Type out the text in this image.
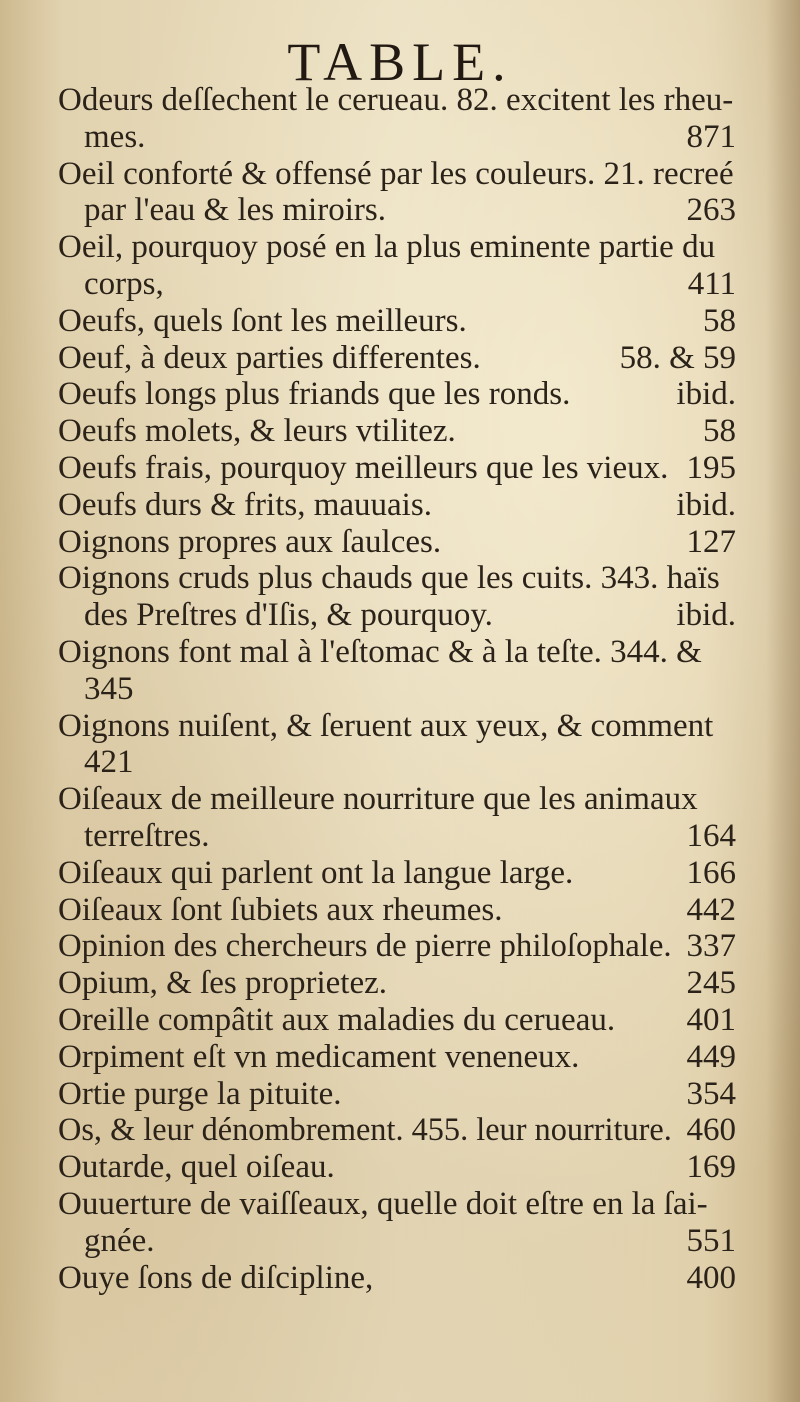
TABLE.
Odeurs deſſechent le cerueau. 82. excitent les rheu-
mes.	871
Oeil conforté & offensé par les couleurs. 21. recreé
par l'eau & les miroirs.	263
Oeil, pourquoy posé en la plus eminente partie du
corps,	411
Oeufs, quels ſont les meilleurs.	58
Oeuf, à deux parties differentes.	58. & 59
Oeufs longs plus friands que les ronds.	ibid.
Oeufs molets, & leurs vtilitez.	58
Oeufs frais, pourquoy meilleurs que les vieux. 195
Oeufs durs & frits, mauuais.	ibid.
Oignons propres aux ſaulces.	127
Oignons cruds plus chauds que les cuits. 343. haïs
des Preſtres d'Iſis, & pourquoy.	ibid.
Oignons font mal à l'eſtomac & à la teſte. 344. &
345
Oignons nuiſent, & ſeruent aux yeux, & comment
421
Oiſeaux de meilleure nourriture que les animaux
terreſtres.	164
Oiſeaux qui parlent ont la langue large.	166
Oiſeaux ſont ſubiets aux rheumes.	442
Opinion des chercheurs de pierre philoſophale. 337
Opium, & ſes proprietez.	245
Oreille compâtit aux maladies du cerueau. 401
Orpiment eſt vn medicament veneneux.	449
Ortie purge la pituite.	354
Os, & leur dénombrement. 455. leur nourriture. 460
Outarde, quel oiſeau.	169
Ouuerture de vaiſſeaux, quelle doit eſtre en la ſai-
gnée.	551
Ouye ſons de diſcipline,	400
